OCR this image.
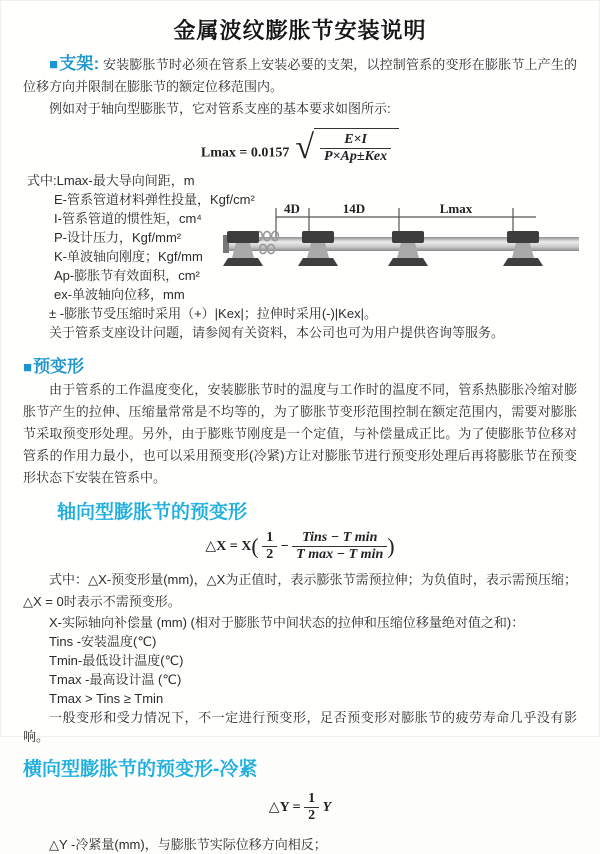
金属波纹膨胀节安装说明

■支架: 安装膨胀节时必须在管系上安装必要的支架，以控制管系的变形在膨胀节上产生的位移方向并限制在膨胀节的额定位移范围内。

例如对于轴向型膨胀节，它对管系支座的基本要求如图所示:

Lmax = 0.0157 √ $\frac{E\times I}{\text{P×Ap±Kex}}$

式中:Lmax-最大导向间距，m

E-管系管道材料弹性投量，Kgf/cm²
I-管系管道的惯性矩，cm⁴
P-设计压力，Kgf/mm²
K-单波轴向刚度；Kgf/mm
Ap-膨胀节有效面积，cm²
ex-单波轴向位移，mm
4D	14D	Lmax

± -膨胀节受压缩时采用（+）|Kex|；拉伸时采用(-)|Kex|。

关于管系支座设计问题，请参阅有关资料，本公司也可为用户提供咨询等服务。

■预变形

由于管系的工作温度变化，安装膨胀节时的温度与工作时的温度不同，管系热膨胀冷缩对膨胀节产生的拉伸、压缩量常常是不均等的，为了膨胀节变形范围控制在额定范围内，需要对膨胀节采取预变形处理。另外，由于膨账节刚度是一个定值，与补偿量成正比。为了使膨胀节位移对管系的作用力最小，也可以采用预变形(冷紧)方让对膨胀节进行预变形处理后再将膨胀节在预变形状态下安装在管系中。

轴向型膨胀节的预变形
△X = $X( \frac{1}{2} - \frac{\text{Tins − T min}}{\text{T max − T min}}$ )

式中：△X-预变形量(mm)，△X为正值时，表示膨张节需预拉伸；为负值时，表示需预压缩；△X = 0时表示不需预变形。

X-实际轴向补偿量 (mm) (相对于膨胀节中间状态的拉伸和压缩位移量绝对值之和)：

Tins -安装温度(℃)

Tmin-最低设计温度(℃)

Tmax -最高设计温 (℃)

Tmax > Tins ≥ Tmin

一般变形和受力情况下，不一定进行预变形，足否预变形对膨胀节的疲劳寿命几乎没有影响。

横向型膨胀节的预变形-冷紧
△Y = $\frac{1}{2}$ Y

△Y -冷紧量(mm)，与膨胀节实际位移方向相反；
